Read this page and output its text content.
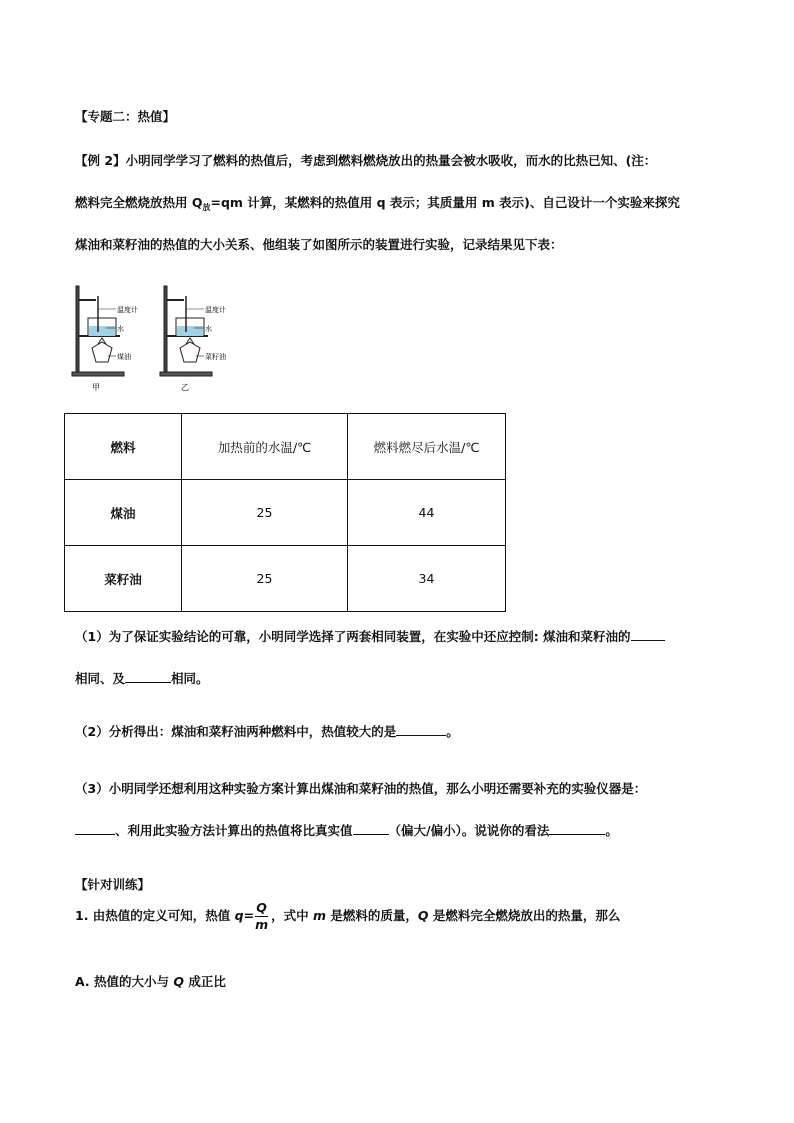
【专题二：热值】
【例 2】小明同学学习了燃料的热值后，考虑到燃料燃烧放出的热量会被水吸收，而水的比热已知、(注：
燃料完全燃烧放热用 $Q_放=qm$ 计算，某燃料的热值用 q 表示；其质量用 m 表示)、自己设计一个实验来探究
煤油和菜籽油的热值的大小关系、他组装了如图所示的装置进行实验，记录结果见下表：
温度计
水
煤油
甲
温度计
水
菜籽油
乙
燃料	加热前的水温/℃	燃料燃尽后水温/℃
煤油	25	44
菜籽油	25	34
（1）为了保证实验结论的可靠，小明同学选择了两套相同装置，在实验中还应控制: 煤油和菜籽油的
相同、及	相同。
（2）分析得出：煤油和菜籽油两种燃料中，热值较大的是	。
（3）小明同学还想利用这种实验方案计算出煤油和菜籽油的热值，那么小明还需要补充的实验仪器是：
、利用此实验方法计算出的热值将比真实值	（偏大/偏小）。说说你的看法	。
【针对训练】
1. 由热值的定义可知，热值 $q= \frac{Q}{m}$ ，式中 m 是燃料的质量，Q 是燃料完全燃烧放出的热量，那么
A. 热值的大小与 Q 成正比
